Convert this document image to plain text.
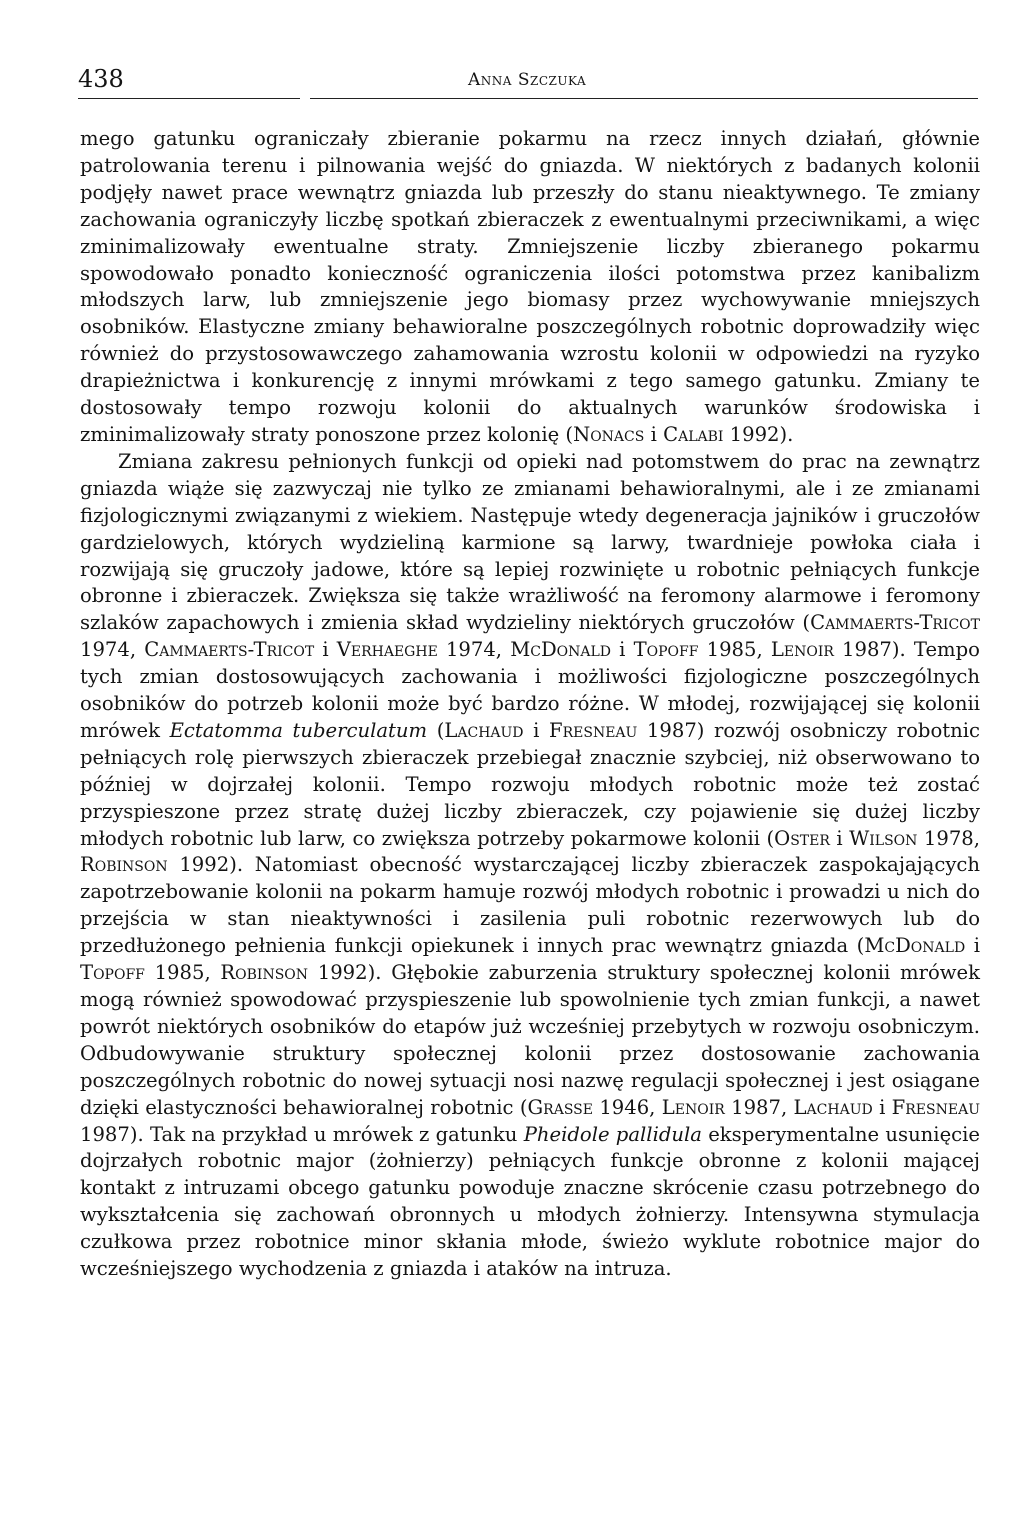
438	Anna Szczuka

mego gatunku ograniczały zbieranie pokarmu na rzecz innych działań, głównie patrolowania terenu i pilnowania wejść do gniazda. W niektórych z badanych kolonii podjęły nawet prace wewnątrz gniazda lub przeszły do stanu nieaktywnego. Te zmiany zachowania ograniczyły liczbę spotkań zbieraczek z ewentualnymi przeciwnikami, a więc zminimalizowały ewentualne straty. Zmniejszenie liczby zbieranego pokarmu spowodowało ponadto konieczność ograniczenia ilości potomstwa przez kanibalizm młodszych larw, lub zmniejszenie jego biomasy przez wychowywanie mniejszych osobników. Elastyczne zmiany behawioralne poszczególnych robotnic doprowadziły więc również do przystosowawczego zahamowania wzrostu kolonii w odpowiedzi na ryzyko drapieżnictwa i konkurencję z innymi mrówkami z tego samego gatunku. Zmiany te dostosowały tempo rozwoju kolonii do aktualnych warunków środowiska i zminimalizowały straty ponoszone przez kolonię (Nonacs i Calabi 1992).

Zmiana zakresu pełnionych funkcji od opieki nad potomstwem do prac na zewnątrz gniazda wiąże się zazwyczaj nie tylko ze zmianami behawioralnymi, ale i ze zmianami fizjologicznymi związanymi z wiekiem. Następuje wtedy degeneracja jajników i gruczołów gardzielowych, których wydzieliną karmione są larwy, twardnieje powłoka ciała i rozwijają się gruczoły jadowe, które są lepiej rozwinięte u robotnic pełniących funkcje obronne i zbieraczek. Zwiększa się także wrażliwość na feromony alarmowe i feromony szlaków zapachowych i zmienia skład wydzieliny niektórych gruczołów (Cammaerts-Tricot 1974, Cammaerts-Tricot i Verhaeghe 1974, McDonald i Topoff 1985, Lenoir 1987). Tempo tych zmian dostosowujących zachowania i możliwości fizjologiczne poszczególnych osobników do potrzeb kolonii może być bardzo różne. W młodej, rozwijającej się kolonii mrówek Ectatomma tuberculatum (Lachaud i Fresneau 1987) rozwój osobniczy robotnic pełniących rolę pierwszych zbieraczek przebiegał znacznie szybciej, niż obserwowano to później w dojrzałej kolonii. Tempo rozwoju młodych robotnic może też zostać przyspieszone przez stratę dużej liczby zbieraczek, czy pojawienie się dużej liczby młodych robotnic lub larw, co zwiększa potrzeby pokarmowe kolonii (Oster i Wilson 1978, Robinson 1992). Natomiast obecność wystarczającej liczby zbieraczek zaspokajających zapotrzebowanie kolonii na pokarm hamuje rozwój młodych robotnic i prowadzi u nich do przejścia w stan nieaktywności i zasilenia puli robotnic rezerwowych lub do przedłużonego pełnienia funkcji opiekunek i innych prac wewnątrz gniazda (McDonald i Topoff 1985, Robinson 1992). Głębokie zaburzenia struktury społecznej kolonii mrówek mogą również spowodować przyspieszenie lub spowolnienie tych zmian funkcji, a nawet powrót niektórych osobników do etapów już wcześniej przebytych w rozwoju osobniczym. Odbudowywanie struktury społecznej kolonii przez dostosowanie zachowania poszczególnych robotnic do nowej sytuacji nosi nazwę regulacji społecznej i jest osiągane dzięki elastyczności behawioralnej robotnic (Grasse 1946, Lenoir 1987, Lachaud i Fresneau 1987). Tak na przykład u mrówek z gatunku Pheidole pallidula eksperymentalne usunięcie dojrzałych robotnic major (żołnierzy) pełniących funkcje obronne z kolonii mającej kontakt z intruzami obcego gatunku powoduje znaczne skrócenie czasu potrzebnego do wykształcenia się zachowań obronnych u młodych żołnierzy. Intensywna stymulacja czułkowa przez robotnice minor skłania młode, świeżo wyklute robotnice major do wcześniejszego wychodzenia z gniazda i ataków na intruza.
